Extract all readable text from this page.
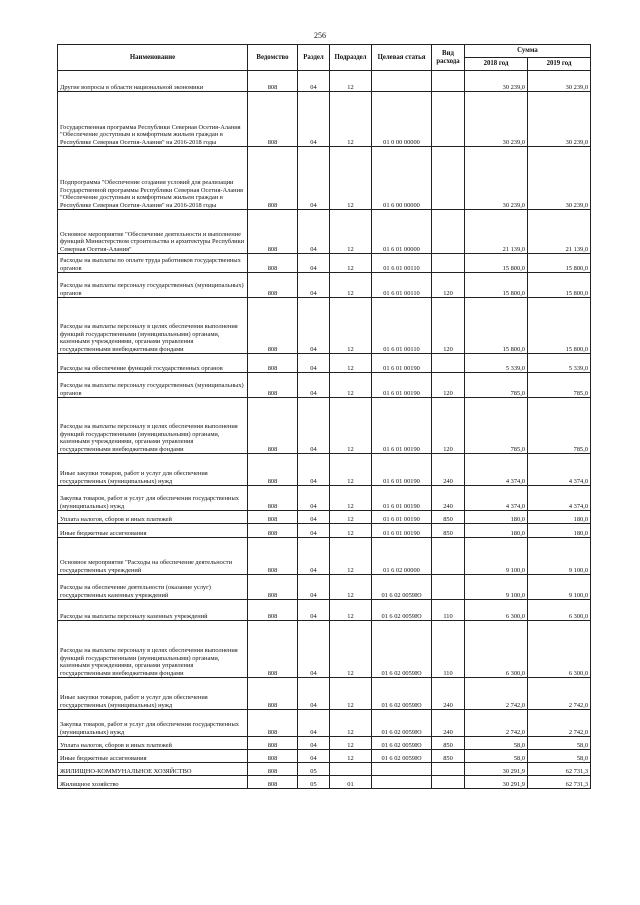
256
Наименование	Ведомство	Раздел	Подраздел	Целевая статья	Вид расхода	Сумма	
						2018 год	2019 год
Другие вопросы в области национальной экономики	808	04	12			30 239,0	30 239,0
Государственная программа Республики Северная Осетия-Алания "Обеспечение доступным и комфортным жильем граждан в Республике Северная Осетия-Алания" на 2016-2018 годы	808	04	12	01 0 00 00000		30 239,0	30 239,0
Подпрограмма "Обеспечение создания условий для реализации Государственной программы Республики Северная Осетия-Алания "Обеспечение доступным и комфортным жильем граждан в Республике Северная Осетия-Алания" на 2016-2018 годы	808	04	12	01 6 00 00000		30 239,0	30 239,0
Основное мероприятие "Обеспечение деятельности и выполнение функций Министерством строительства и архитектуры Республики Северная Осетия-Алания"	808	04	12	01 6 01 00000		21 139,0	21 139,0
Расходы на выплаты по оплате труда работников государственных органов	808	04	12	01 6 01 00110		15 800,0	15 800,0
Расходы на выплаты персоналу государственных (муниципальных) органов	808	04	12	01 6 01 00110	120	15 800,0	15 800,0
Расходы на выплаты персоналу в целях обеспечения выполнения функций государственными (муниципальными) органами, казенными учреждениями, органами управления государственными внебюджетными фондами	808	04	12	01 6 01 00110	120	15 800,0	15 800,0
Расходы на обеспечение функций государственных органов	808	04	12	01 6 01 00190		5 339,0	5 339,0
Расходы на выплаты персоналу государственных (муниципальных) органов	808	04	12	01 6 01 00190	120	785,0	785,0
Расходы на выплаты персоналу в целях обеспечения выполнения функций государственными (муниципальными) органами, казенными учреждениями, органами управления государственными внебюджетными фондами	808	04	12	01 6 01 00190	120	785,0	785,0
Иные закупки товаров, работ и услуг для обеспечения государственных (муниципальных) нужд	808	04	12	01 6 01 00190	240	4 374,0	4 374,0
Закупка товаров, работ и услуг для обеспечения государственных (муниципальных) нужд	808	04	12	01 6 01 00190	240	4 374,0	4 374,0
Уплата налогов, сборов и иных платежей	808	04	12	01 6 01 00190	850	180,0	180,0
Иные бюджетные ассигнования	808	04	12	01 6 01 00190	850	180,0	180,0
Основное мероприятие "Расходы на обеспечение деятельности государственных учреждений	808	04	12	01 6 02 00000		9 100,0	9 100,0
Расходы на обеспечение деятельности (оказание услуг) государственных казенных учреждений	808	04	12	01 6 02 0059Ю		9 100,0	9 100,0
Расходы на выплаты персоналу казенных учреждений	808	04	12	01 6 02 0059Ю	110	6 300,0	6 300,0
Расходы на выплаты персоналу в целях обеспечения выполнения функций государственными (муниципальными) органами, казенными учреждениями, органами управления государственными внебюджетными фондами	808	04	12	01 6 02 0059Ю	110	6 300,0	6 300,0
Иные закупки товаров, работ и услуг для обеспечения государственных (муниципальных) нужд	808	04	12	01 6 02 0059Ю	240	2 742,0	2 742,0
Закупка товаров, работ и услуг для обеспечения государственных (муниципальных) нужд	808	04	12	01 6 02 0059Ю	240	2 742,0	2 742,0
Уплата налогов, сборов и иных платежей	808	04	12	01 6 02 0059Ю	850	58,0	58,0
Иные бюджетные ассигнования	808	04	12	01 6 02 0059Ю	850	58,0	58,0
ЖИЛИЩНО-КОММУНАЛЬНОЕ ХОЗЯЙСТВО	808	05				30 291,9	62 731,3
Жилищное хозяйство	808	05	01			30 291,9	62 731,3
